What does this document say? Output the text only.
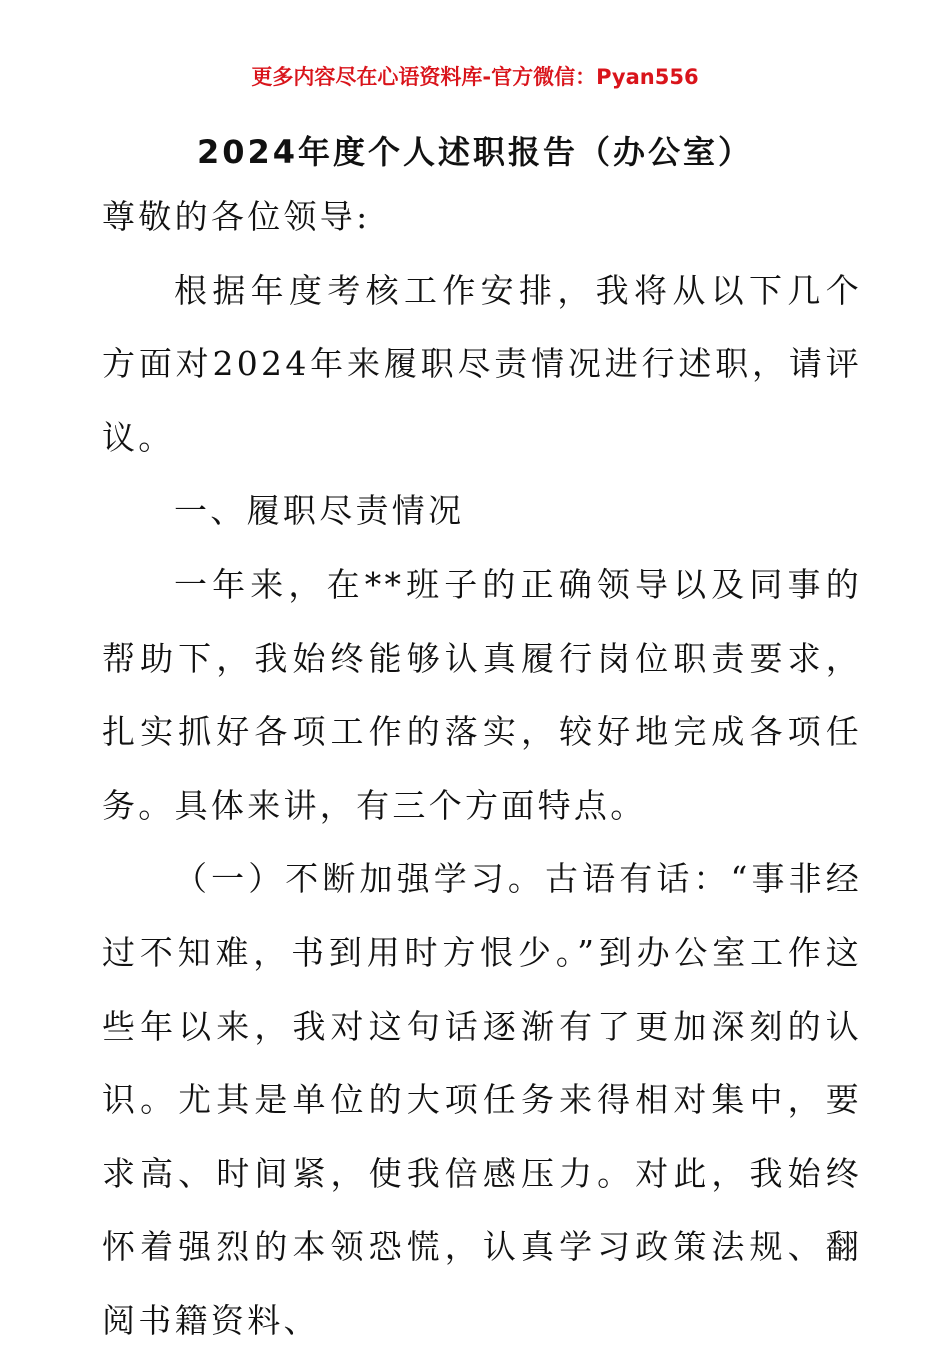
更多内容尽在心语资料库-官方微信：Pyan556
2024年度个人述职报告（办公室）

尊敬的各位领导:

根据年度考核工作安排，我将从以下几个方面对2024年来履职尽责情况进行述职，请评议。

一、履职尽责情况

一年来，在**班子的正确领导以及同事的帮助下，我始终能够认真履行岗位职责要求，扎实抓好各项工作的落实，较好地完成各项任务。具体来讲，有三个方面特点。

（一）不断加强学习。古语有话：“事非经过不知难，书到用时方恨少。”到办公室工作这些年以来，我对这句话逐渐有了更加深刻的认识。尤其是单位的大项任务来得相对集中，要求高、时间紧，使我倍感压力。对此，我始终怀着强烈的本领恐慌，认真学习政策法规、翻阅书籍资料、
